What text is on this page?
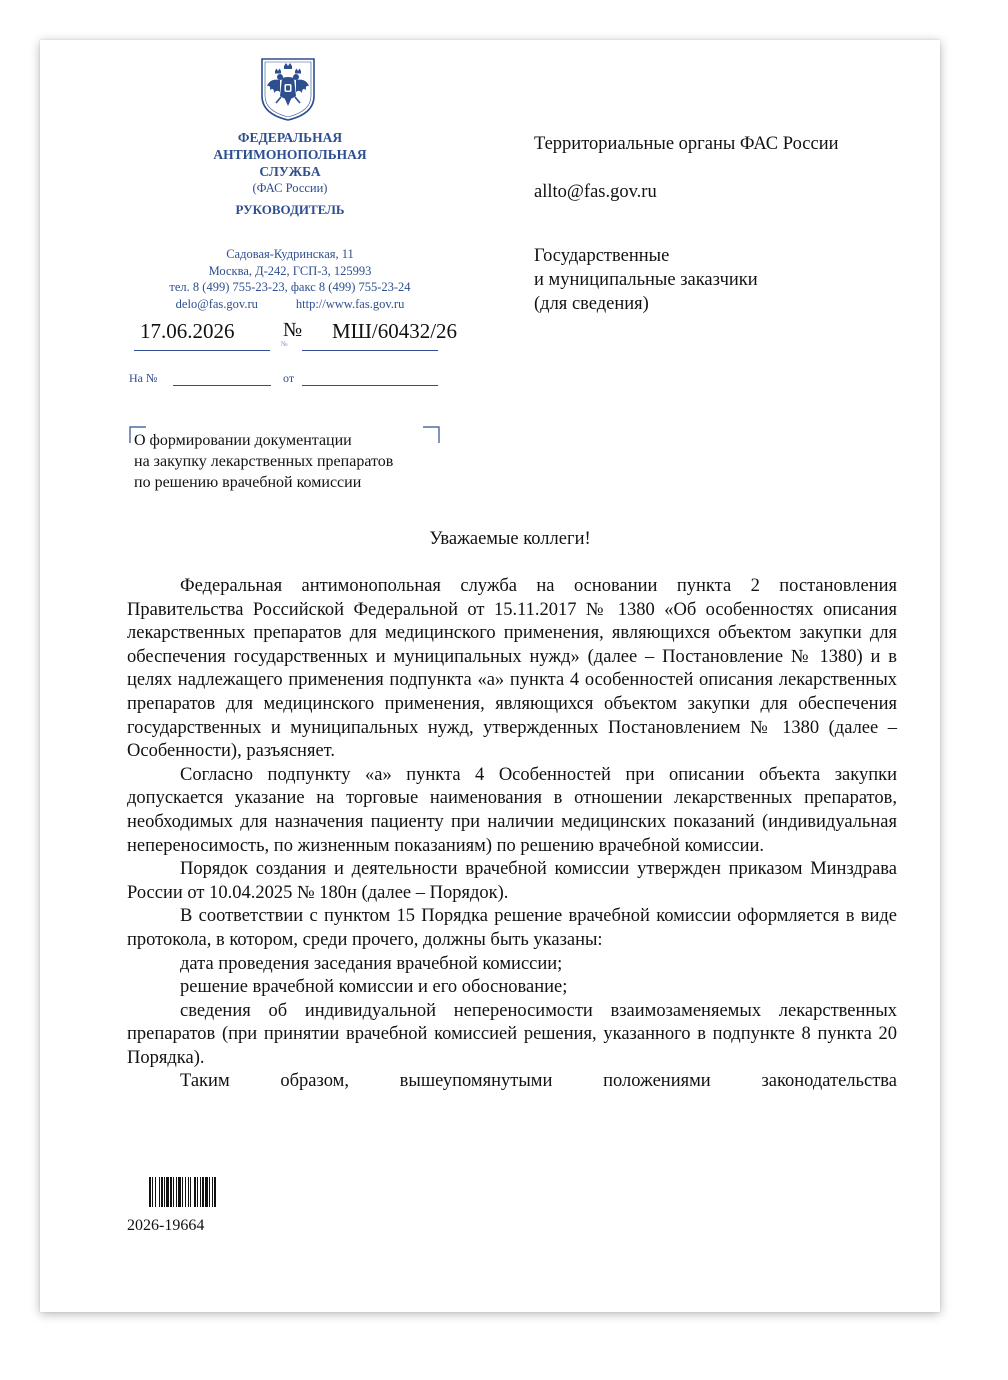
ФЕДЕРАЛЬНАЯ
АНТИМОНОПОЛЬНАЯ
СЛУЖБА
(ФАС России)
РУКОВОДИТЕЛЬ
Садовая-Кудринская, 11
Москва, Д-242, ГСП-3, 125993
тел. 8 (499) 755-23-23, факс 8 (499) 755-23-24
delo@fas.gov.ru	http://www.fas.gov.ru
17.06.2026 № МШ/60432/26
№
На №	от
О формировании документации
на закупку лекарственных препаратов
по решению врачебной комиссии
Территориальные органы ФАС России
allto@fas.gov.ru
Государственные
и муниципальные заказчики
(для сведения)
Уважаемые коллеги!

Федеральная антимонопольная служба на основании пункта 2 постановления Правительства Российской Федеральной от 15.11.2017 № 1380 «Об особенностях описания лекарственных препаратов для медицинского применения, являющихся объектом закупки для обеспечения государственных и муниципальных нужд» (далее – Постановление № 1380) и в целях надлежащего применения подпункта «а» пункта 4 особенностей описания лекарственных препаратов для медицинского применения, являющихся объектом закупки для обеспечения государственных и муниципальных нужд, утвержденных Постановлением № 1380 (далее – Особенности), разъясняет.

Согласно подпункту «а» пункта 4 Особенностей при описании объекта закупки допускается указание на торговые наименования в отношении лекарственных препаратов, необходимых для назначения пациенту при наличии медицинских показаний (индивидуальная непереносимость, по жизненным показаниям) по решению врачебной комиссии.

Порядок создания и деятельности врачебной комиссии утвержден приказом Минздрава России от 10.04.2025 № 180н (далее – Порядок).

В соответствии с пунктом 15 Порядка решение врачебной комиссии оформляется в виде протокола, в котором, среди прочего, должны быть указаны:

дата проведения заседания врачебной комиссии;

решение врачебной комиссии и его обоснование;

сведения об индивидуальной непереносимости взаимозаменяемых лекарственных препаратов (при принятии врачебной комиссией решения, указанного в подпункте 8 пункта 20 Порядка).

Таким образом, вышеупомянутыми положениями законодательства

2026-19664
